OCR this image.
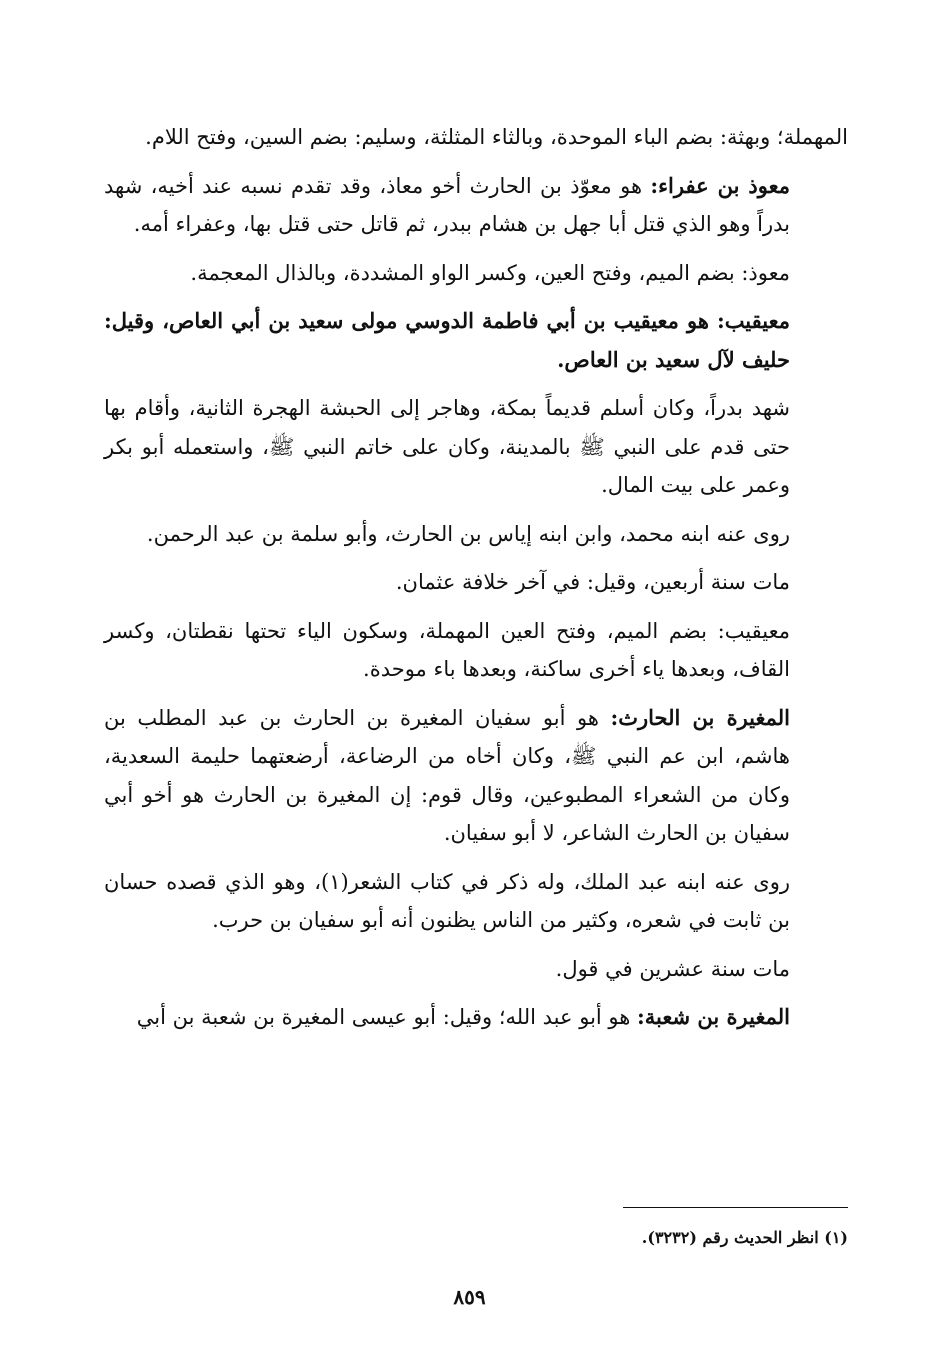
المهملة؛ وبهثة: بضم الباء الموحدة، وبالثاء المثلثة، وسليم: بضم السين، وفتح اللام.

معوذ بن عفراء: هو معوّذ بن الحارث أخو معاذ، وقد تقدم نسبه عند أخيه، شهد بدراً وهو الذي قتل أبا جهل بن هشام ببدر، ثم قاتل حتى قتل بها، وعفراء أمه.

معوذ: بضم الميم، وفتح العين، وكسر الواو المشددة، وبالذال المعجمة.

معيقيب: هو معيقيب بن أبي فاطمة الدوسي مولى سعيد بن أبي العاص، وقيل: حليف لآل سعيد بن العاص.

شهد بدراً، وكان أسلم قديماً بمكة، وهاجر إلى الحبشة الهجرة الثانية، وأقام بها حتى قدم على النبي ﷺ بالمدينة، وكان على خاتم النبي ﷺ، واستعمله أبو بكر وعمر على بيت المال.

روى عنه ابنه محمد، وابن ابنه إياس بن الحارث، وأبو سلمة بن عبد الرحمن.

مات سنة أربعين، وقيل: في آخر خلافة عثمان.

معيقيب: بضم الميم، وفتح العين المهملة، وسكون الياء تحتها نقطتان، وكسر القاف، وبعدها ياء أخرى ساكنة، وبعدها باء موحدة.

المغيرة بن الحارث: هو أبو سفيان المغيرة بن الحارث بن عبد المطلب بن هاشم، ابن عم النبي ﷺ، وكان أخاه من الرضاعة، أرضعتهما حليمة السعدية، وكان من الشعراء المطبوعين، وقال قوم: إن المغيرة بن الحارث هو أخو أبي سفيان بن الحارث الشاعر، لا أبو سفيان.

روى عنه ابنه عبد الملك، وله ذكر في كتاب الشعر(١)، وهو الذي قصده حسان بن ثابت في شعره، وكثير من الناس يظنون أنه أبو سفيان بن حرب.

مات سنة عشرين في قول.

المغيرة بن شعبة: هو أبو عبد الله؛ وقيل: أبو عيسى المغيرة بن شعبة بن أبي

(١) انظر الحديث رقم (٣٢٣٢).
٨٥٩
